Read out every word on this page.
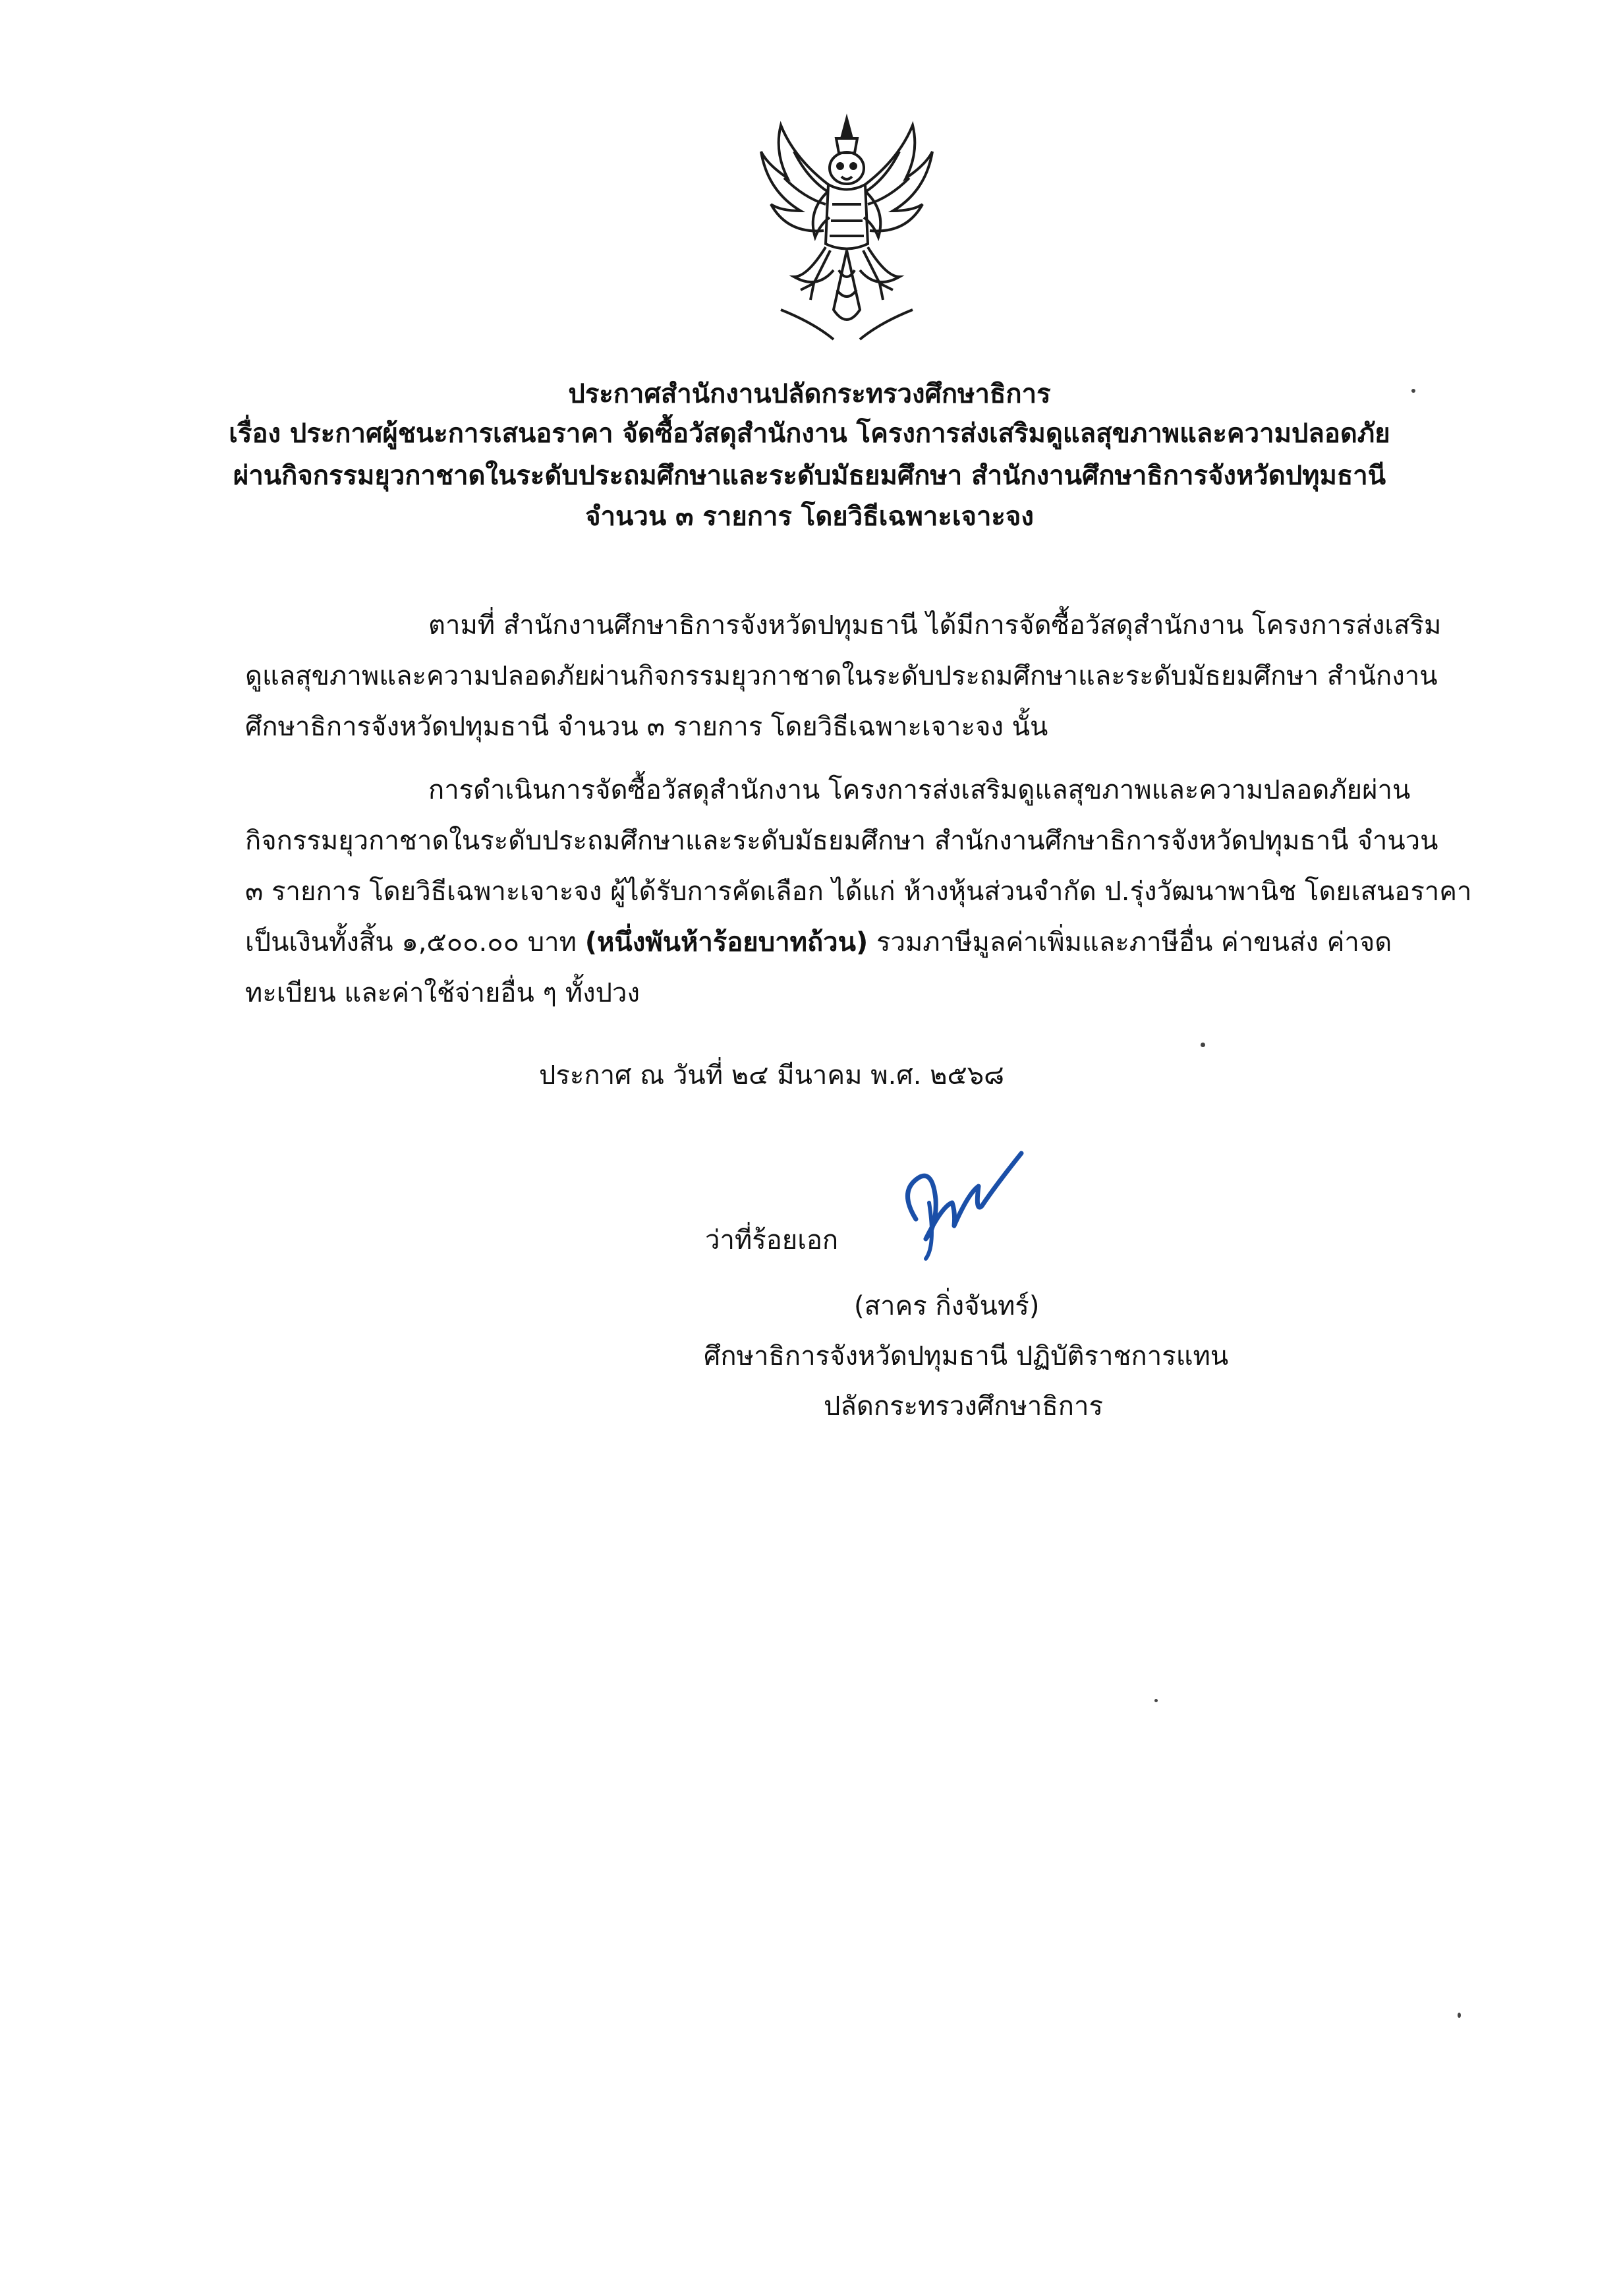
ประกาศสำนักงานปลัดกระทรวงศึกษาธิการ
เรื่อง ประกาศผู้ชนะการเสนอราคา จัดซื้อวัสดุสำนักงาน โครงการส่งเสริมดูแลสุขภาพและความปลอดภัย
ผ่านกิจกรรมยุวกาชาดในระดับประถมศึกษาและระดับมัธยมศึกษา สำนักงานศึกษาธิการจังหวัดปทุมธานี
จำนวน ๓ รายการ โดยวิธีเฉพาะเจาะจง
ตามที่ สำนักงานศึกษาธิการจังหวัดปทุมธานี ได้มีการจัดซื้อวัสดุสำนักงาน โครงการส่งเสริม
ดูแลสุขภาพและความปลอดภัยผ่านกิจกรรมยุวกาชาดในระดับประถมศึกษาและระดับมัธยมศึกษา สำนักงาน
ศึกษาธิการจังหวัดปทุมธานี จำนวน ๓ รายการ โดยวิธีเฉพาะเจาะจง นั้น
การดำเนินการจัดซื้อวัสดุสำนักงาน โครงการส่งเสริมดูแลสุขภาพและความปลอดภัยผ่าน
กิจกรรมยุวกาชาดในระดับประถมศึกษาและระดับมัธยมศึกษา สำนักงานศึกษาธิการจังหวัดปทุมธานี จำนวน
๓ รายการ โดยวิธีเฉพาะเจาะจง ผู้ได้รับการคัดเลือก ได้แก่ ห้างหุ้นส่วนจำกัด ป.รุ่งวัฒนาพานิช โดยเสนอราคา
เป็นเงินทั้งสิ้น ๑,๕๐๐.๐๐ บาท (หนึ่งพันห้าร้อยบาทถ้วน) รวมภาษีมูลค่าเพิ่มและภาษีอื่น ค่าขนส่ง ค่าจด
ทะเบียน และค่าใช้จ่ายอื่น ๆ ทั้งปวง
ประกาศ ณ วันที่ ๒๔ มีนาคม พ.ศ. ๒๕๖๘
ว่าที่ร้อยเอก
(สาคร กิ่งจันทร์)
ศึกษาธิการจังหวัดปทุมธานี ปฏิบัติราชการแทน
ปลัดกระทรวงศึกษาธิการ
